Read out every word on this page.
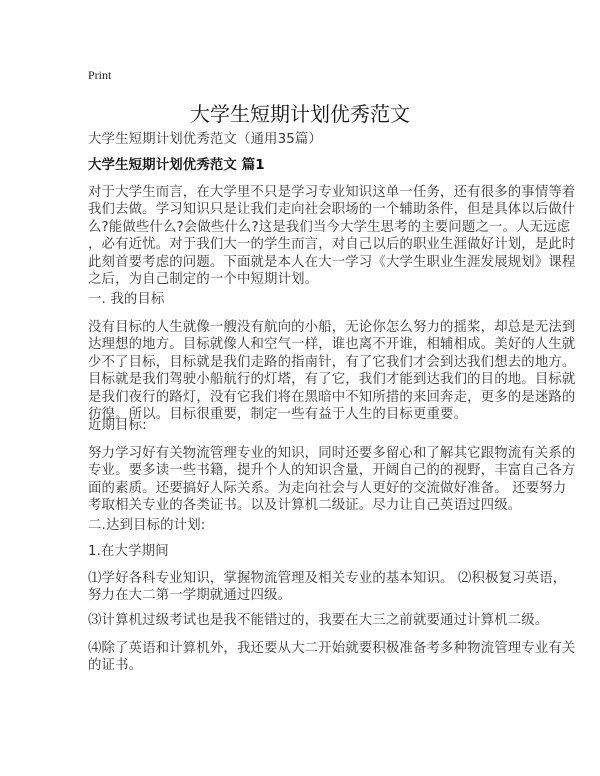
Print
大学生短期计划优秀范文
大学生短期计划优秀范文（通用35篇）
大学生短期计划优秀范文 篇1
对于大学生而言，在大学里不只是学习专业知识这单一任务，还有很多的事情等着
我们去做。学习知识只是让我们走向社会职场的一个辅助条件，但是具体以后做什
么?能做些什么?会做些什么?这是我们当今大学生思考的主要问题之一。人无远虑
，必有近忧。对于我们大一的学生而言，对自己以后的职业生涯做好计划，是此时
此刻首要考虑的问题。下面就是本人在大一学习《大学生职业生涯发展规划》课程
之后，为自己制定的一个中短期计划。
一. 我的目标
没有目标的人生就像一艘没有航向的小船，无论你怎么努力的摇桨，却总是无法到
达理想的地方。目标就像人和空气一样，谁也离不开谁，相辅相成。美好的人生就
少不了目标，目标就是我们走路的指南针，有了它我们才会到达我们想去的地方。
目标就是我们驾驶小船航行的灯塔，有了它，我们才能到达我们的目的地。目标就
是我们夜行的路灯，没有它我们将在黑暗中不知所措的来回奔走，更多的是迷路的
彷徨。所以。目标很重要，制定一些有益于人生的目标更重要。
近期目标:
努力学习好有关物流管理专业的知识，同时还要多留心和了解其它跟物流有关系的
专业。要多读一些书籍，提升个人的知识含量，开阔自己的的视野，丰富自己各方
面的素质。还要搞好人际关系。为走向社会与人更好的交流做好准备。 还要努力
考取相关专业的各类证书。以及计算机二级证。尽力让自己英语过四级。
二.达到目标的计划:
1.在大学期间
⑴学好各科专业知识，掌握物流管理及相关专业的基本知识。 ⑵积极复习英语，
努力在大二第一学期就通过四级。
⑶计算机过级考试也是我不能错过的，我要在大三之前就要通过计算机二级。
⑷除了英语和计算机外，我还要从大二开始就要积极准备考多种物流管理专业有关
的证书。
